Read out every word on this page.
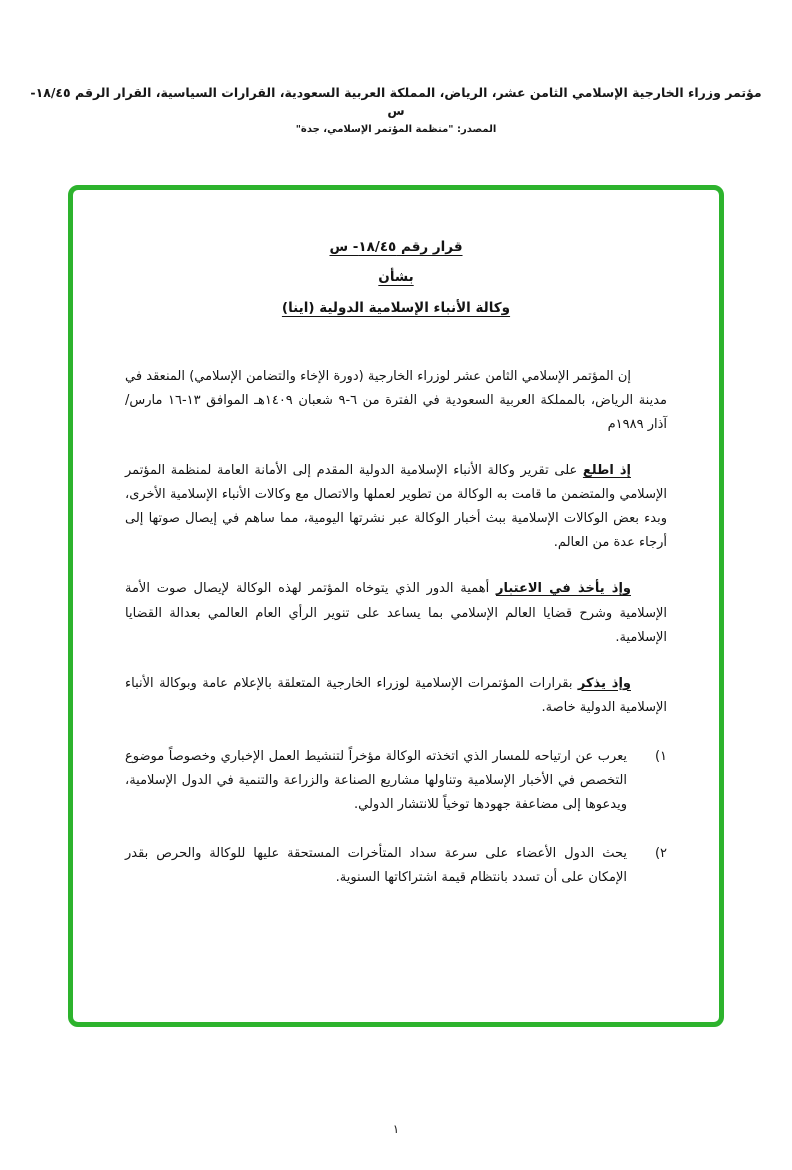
مؤتمر وزراء الخارجية الإسلامي الثامن عشر، الرياض، المملكة العربية السعودية، القرارات السياسية، القرار الرقم ١٨/٤٥-س
المصدر: "منظمة المؤتمر الإسلامي، جدة"
قرار رقم ١٨/٤٥- س
بشأن
وكالة الأنباء الإسلامية الدولية (اينا)

إن المؤتمر الإسلامي الثامن عشر لوزراء الخارجية (دورة الإخاء والتضامن الإسلامي) المنعقد في مدينة الرياض، بالمملكة العربية السعودية في الفترة من ٦-٩ شعبان ١٤٠٩هـ الموافق ١٣-١٦ مارس/ آذار ١٩٨٩م

إذ اطلع على تقرير وكالة الأنباء الإسلامية الدولية المقدم إلى الأمانة العامة لمنظمة المؤتمر الإسلامي والمتضمن ما قامت به الوكالة من تطوير لعملها والاتصال مع وكالات الأنباء الإسلامية الأخرى، وبدء بعض الوكالات الإسلامية ببث أخبار الوكالة عبر نشرتها اليومية، مما ساهم في إيصال صوتها إلى أرجاء عدة من العالم.

وإذ يأخذ في الاعتبار أهمية الدور الذي يتوخاه المؤتمر لهذه الوكالة لإيصال صوت الأمة الإسلامية وشرح قضايا العالم الإسلامي بما يساعد على تنوير الرأي العام العالمي بعدالة القضايا الإسلامية.

وإذ يذكر بقرارات المؤتمرات الإسلامية لوزراء الخارجية المتعلقة بالإعلام عامة وبوكالة الأنباء الإسلامية الدولية خاصة.

١)
يعرب عن ارتياحه للمسار الذي اتخذته الوكالة مؤخراً لتنشيط العمل الإخباري وخصوصاً موضوع التخصص في الأخبار الإسلامية وتناولها مشاريع الصناعة والزراعة والتنمية في الدول الإسلامية، ويدعوها إلى مضاعفة جهودها توخياً للانتشار الدولي.
٢)
يحث الدول الأعضاء على سرعة سداد المتأخرات المستحقة عليها للوكالة والحرص بقدر الإمكان على أن تسدد بانتظام قيمة اشتراكاتها السنوية.
١
